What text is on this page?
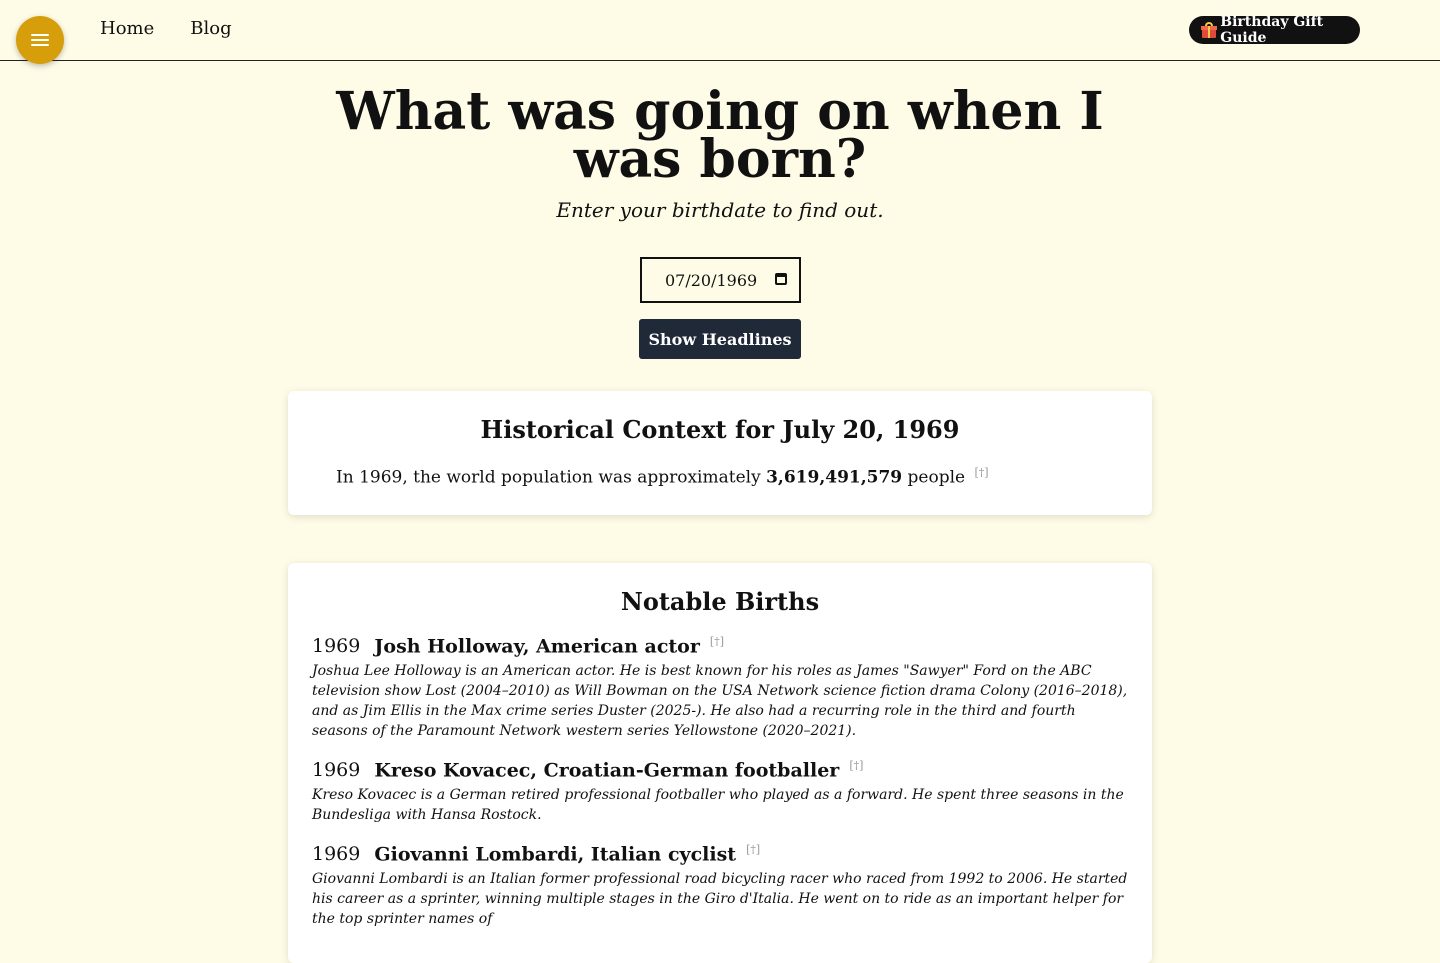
Home Blog	Birthday Gift Guide
What was going on when I was born?

Enter your birthdate to find out.

07/20/1969
Show Headlines
Historical Context for July 20, 1969
In 1969, the world population was approximately 3,619,491,579 people [†]
Notable Births
1969 Josh Holloway, American actor [†]
Joshua Lee Holloway is an American actor. He is best known for his roles as James "Sawyer" Ford on the ABC television show Lost (2004–2010) as Will Bowman on the USA Network science fiction drama Colony (2016–2018), and as Jim Ellis in the Max crime series Duster (2025-). He also had a recurring role in the third and fourth seasons of the Paramount Network western series Yellowstone (2020–2021).
1969 Kreso Kovacec, Croatian-German footballer [†]
Kreso Kovacec is a German retired professional footballer who played as a forward. He spent three seasons in the Bundesliga with Hansa Rostock.
1969 Giovanni Lombardi, Italian cyclist [†]
Giovanni Lombardi is an Italian former professional road bicycling racer who raced from 1992 to 2006. He started his career as a sprinter, winning multiple stages in the Giro d'Italia. He went on to ride as an important helper for the top sprinter names of
